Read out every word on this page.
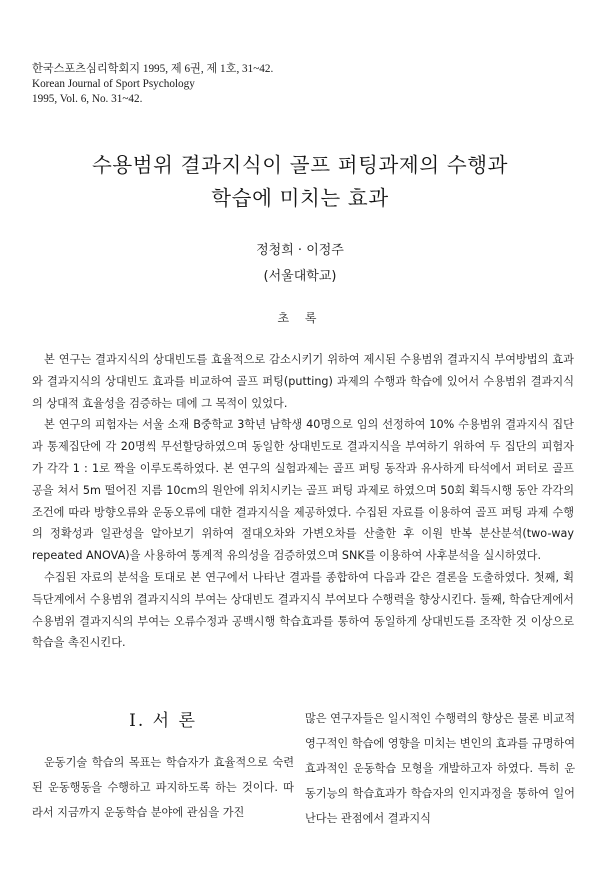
한국스포츠심리학회지 1995, 제 6권, 제 1호, 31~42.
Korean Journal of Sport Psychology
1995, Vol. 6, No. 31~42.
수용범위 결과지식이 골프 퍼팅과제의 수행과
학습에 미치는 효과
정청희 · 이정주
(서울대학교)
초 록

본 연구는 결과지식의 상대빈도를 효율적으로 감소시키기 위하여 제시된 수용범위 결과지식 부여방법의 효과와 결과지식의 상대빈도 효과를 비교하여 골프 퍼팅(putting) 과제의 수행과 학습에 있어서 수용범위 결과지식의 상대적 효율성을 검증하는 데에 그 목적이 있었다.

본 연구의 피험자는 서울 소재 B중학교 3학년 남학생 40명으로 임의 선정하여 10% 수용범위 결과지식 집단과 통제집단에 각 20명씩 무선할당하였으며 동일한 상대빈도로 결과지식을 부여하기 위하여 두 집단의 피험자가 각각 1 : 1로 짝을 이루도록하였다. 본 연구의 실험과제는 골프 퍼팅 동작과 유사하게 타석에서 퍼터로 골프공을 쳐서 5m 떨어진 지름 10cm의 원안에 위치시키는 골프 퍼팅 과제로 하였으며 50회 획득시행 동안 각각의 조건에 따라 방향오류와 운동오류에 대한 결과지식을 제공하였다. 수집된 자료를 이용하여 골프 퍼팅 과제 수행의 정확성과 일관성을 알아보기 위하여 절대오차와 가변오차를 산출한 후 이원 반복 분산분석(two-way repeated ANOVA)을 사용하여 통계적 유의성을 검증하였으며 SNK를 이용하여 사후분석을 실시하였다.

수집된 자료의 분석을 토대로 본 연구에서 나타난 결과를 종합하여 다음과 같은 결론을 도출하였다. 첫째, 획득단계에서 수용범위 결과지식의 부여는 상대빈도 결과지식 부여보다 수행력을 향상시킨다. 둘째, 학습단계에서 수용범위 결과지식의 부여는 오류수정과 공백시행 학습효과를 통하여 동일하게 상대빈도를 조작한 것 이상으로 학습을 촉진시킨다.

Ⅰ. 서 론

운동기술 학습의 목표는 학습자가 효율적으로 숙련된 운동행동을 수행하고 파지하도록 하는 것이다. 따라서 지금까지 운동학습 분야에 관심을 가진

많은 연구자들은 일시적인 수행력의 향상은 물론 비교적 영구적인 학습에 영향을 미치는 변인의 효과를 규명하여 효과적인 운동학습 모형을 개발하고자 하였다. 특히 운동기능의 학습효과가 학습자의 인지과정을 통하여 일어난다는 관점에서 결과지식
